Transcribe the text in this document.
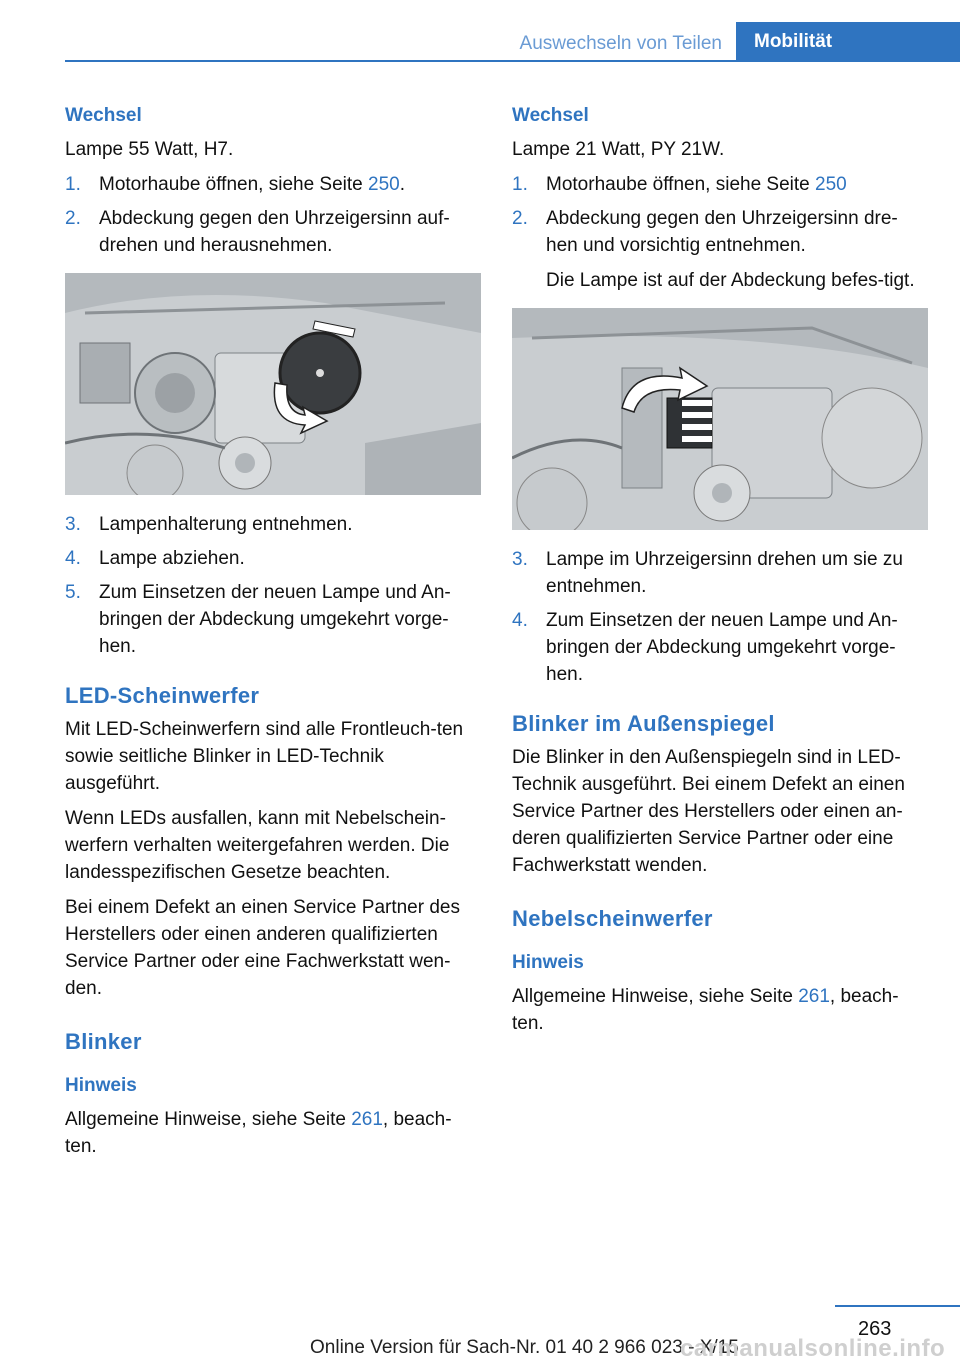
Auswechseln von Teilen	Mobilität
Wechsel
Lampe 55 Watt, H7.
1. Motorhaube öffnen, siehe Seite 250.
2. Abdeckung gegen den Uhrzeigersinn auf-drehen und herausnehmen.
3. Lampenhalterung entnehmen.
4. Lampe abziehen.
5. Zum Einsetzen der neuen Lampe und An-bringen der Abdeckung umgekehrt vorge-hen.
LED-Scheinwerfer
Mit LED-Scheinwerfern sind alle Frontleuch-ten sowie seitliche Blinker in LED-Technik ausgeführt.
Wenn LEDs ausfallen, kann mit Nebelschein-werfern verhalten weitergefahren werden. Die landesspezifischen Gesetze beachten.
Bei einem Defekt an einen Service Partner des Herstellers oder einen anderen qualifizierten Service Partner oder eine Fachwerkstatt wen-den.
Blinker
Hinweis
Allgemeine Hinweise, siehe Seite 261, beach-ten.
Wechsel
Lampe 21 Watt, PY 21W.
1. Motorhaube öffnen, siehe Seite 250
2. Abdeckung gegen den Uhrzeigersinn dre-hen und vorsichtig entnehmen.
Die Lampe ist auf der Abdeckung befes-tigt.
3. Lampe im Uhrzeigersinn drehen um sie zu entnehmen.
4. Zum Einsetzen der neuen Lampe und An-bringen der Abdeckung umgekehrt vorge-hen.
Blinker im Außenspiegel
Die Blinker in den Außenspiegeln sind in LED-Technik ausgeführt. Bei einem Defekt an einen Service Partner des Herstellers oder einen an-deren qualifizierten Service Partner oder eine Fachwerkstatt wenden.
Nebelscheinwerfer
Hinweis
Allgemeine Hinweise, siehe Seite 261, beach-ten.
263
Online Version für Sach-Nr. 01 40 2 966 023 - X/15
carmanualsonline.info
